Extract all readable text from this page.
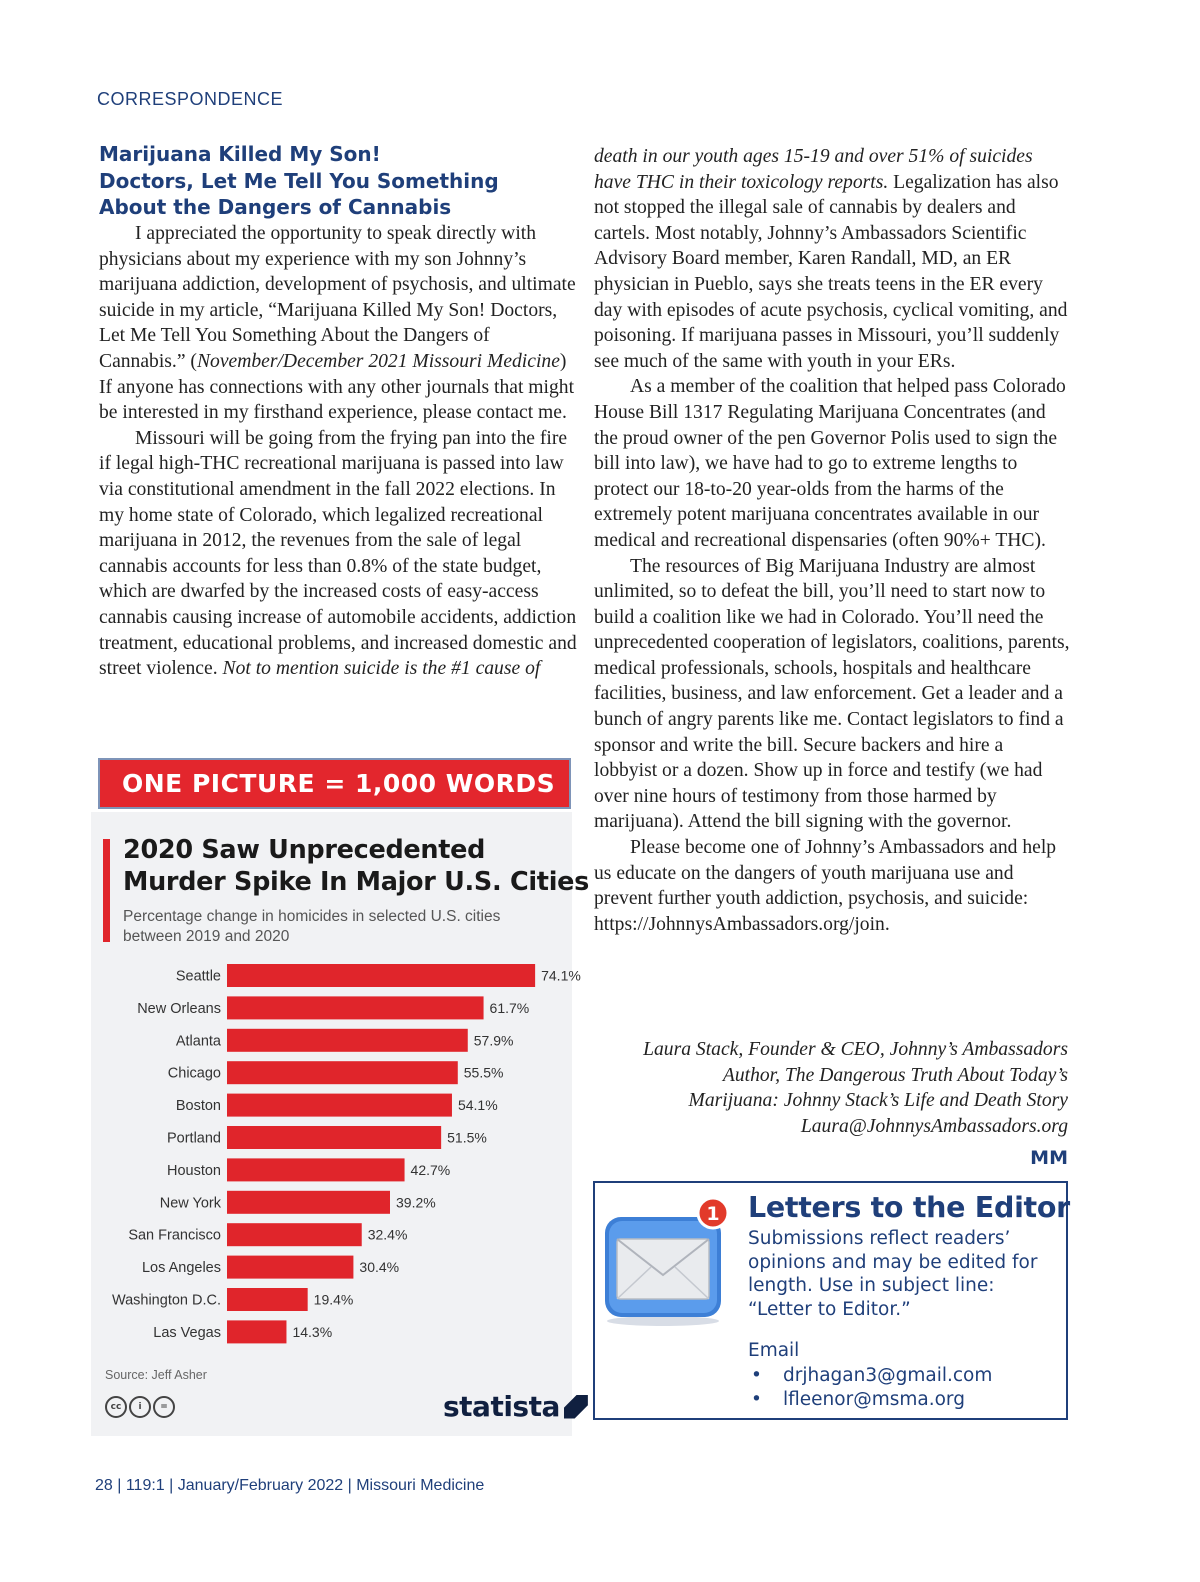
CORRESPONDENCE
Marijuana Killed My Son!
Doctors, Let Me Tell You Something
About the Dangers of Cannabis

I appreciated the opportunity to speak directly with physicians about my experience with my son Johnny’s marijuana addiction, development of psychosis, and ultimate suicide in my article, “Marijuana Killed My Son! Doctors, Let Me Tell You Something About the Dangers of Cannabis.” (November/December 2021 Missouri Medicine) If anyone has connections with any other journals that might be interested in my firsthand experience, please contact me.

Missouri will be going from the frying pan into the fire if legal high-THC recreational marijuana is passed into law via constitutional amendment in the fall 2022 elections. In my home state of Colorado, which legalized recreational marijuana in 2012, the revenues from the sale of legal cannabis accounts for less than 0.8% of the state budget, which are dwarfed by the increased costs of easy-access cannabis causing increase of automobile accidents, addiction treatment, educational problems, and increased domestic and street violence. Not to mention suicide is the #1 cause of

ONE PICTURE = 1,000 WORDS
2020 Saw Unprecedented
Murder Spike In Major U.S. Cities
Percentage change in homicides in selected U.S. cities
between 2019 and 2020
Seattle	74.1%
New Orleans	61.7%
Atlanta	57.9%
Chicago	55.5%
Boston	54.1%
Portland	51.5%
Houston	42.7%
New York	39.2%
San Francisco	32.4%
Los Angeles	30.4%
Washington D.C.	19.4%
Las Vegas	14.3%
Source: Jeff Asher
cc	i	=	statista

death in our youth ages 15-19 and over 51% of suicides have THC in their toxicology reports. Legalization has also not stopped the illegal sale of cannabis by dealers and cartels. Most notably, Johnny’s Ambassadors Scientific Advisory Board member, Karen Randall, MD, an ER physician in Pueblo, says she treats teens in the ER every day with episodes of acute psychosis, cyclical vomiting, and poisoning. If marijuana passes in Missouri, you’ll suddenly see much of the same with youth in your ERs.

As a member of the coalition that helped pass Colorado House Bill 1317 Regulating Marijuana Concentrates (and the proud owner of the pen Governor Polis used to sign the bill into law), we have had to go to extreme lengths to protect our 18-to-20 year-olds from the harms of the extremely potent marijuana concentrates available in our medical and recreational dispensaries (often 90%+ THC).

The resources of Big Marijuana Industry are almost unlimited, so to defeat the bill, you’ll need to start now to build a coalition like we had in Colorado. You’ll need the unprecedented cooperation of legislators, coalitions, parents, medical professionals, schools, hospitals and healthcare facilities, business, and law enforcement. Get a leader and a bunch of angry parents like me. Contact legislators to find a sponsor and write the bill. Secure backers and hire a lobbyist or a dozen. Show up in force and testify (we had over nine hours of testimony from those harmed by marijuana). Attend the bill signing with the governor.

Please become one of Johnny’s Ambassadors and help us educate on the dangers of youth marijuana use and prevent further youth addiction, psychosis, and suicide: https://JohnnysAmbassadors.org/join.

Laura Stack, Founder & CEO, Johnny’s Ambassadors
Author, The Dangerous Truth About Today’s
Marijuana: Johnny Stack’s Life and Death Story
Laura@JohnnysAmbassadors.org
MM
1 Letters to the Editor
Submissions reflect readers’ opinions and may be edited for length. Use in subject line: “Letter to Editor.”
Email
• drjhagan3@gmail.com
• lfleenor@msma.org
28 | 119:1 | January/February 2022 | Missouri Medicine
